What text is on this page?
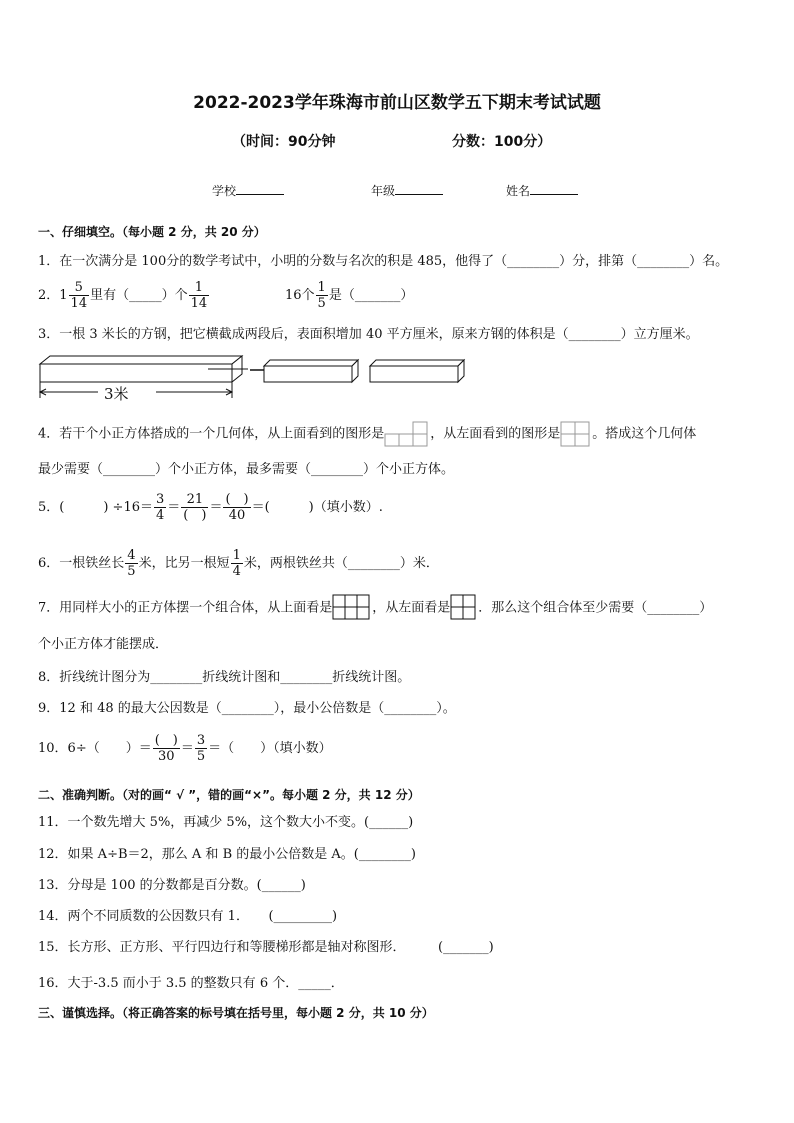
2022-2023学年珠海市前山区数学五下期末考试试题
（时间：90分钟	分数：100分）
学校	年级	姓名
一、仔细填空。（每小题 2 分，共 20 分）
1．在一次满分是 100分的数学考试中，小明的分数与名次的积是 485，他得了（________）分，排第（________）名。
2．$1 \frac{5}{14}$ 里有（_____）个 $\frac{1}{14}$	16个 $\frac{1}{5}$ 是（_______）
3．一根 3 米长的方钢，把它横截成两段后，表面积增加 40 平方厘米，原来方钢的体积是（________）立方厘米。
3米
4．若干个小正方体搭成的一个几何体，从上面看到的图形是	，从左面看到的图形是 。搭成这个几何体
最少需要（________）个小正方体，最多需要（________）个小正方体。
5．(　　　) $\div 16= \frac{3}{4} = \frac{21}{( )} = \frac{( )}{40}$ ＝(　　　)（填小数）.
6．一根铁丝长 $\frac{4}{5}$ 米，比另一根短 $\frac{1}{4}$ 米，两根铁丝共（________）米．
7．用同样大小的正方体摆一个组合体，从上面看是	，从左面看是 ．那么这个组合体至少需要（________）
个小正方体才能摆成．
8．折线统计图分为________折线统计图和________折线统计图。
9．12 和 48 的最大公因数是（________），最小公倍数是（________）。
10．6÷（　　）＝ $\frac{( )}{30} = \frac{3}{5}$ ＝（　　）（填小数）
二、准确判断。（对的画“ √ ”，错的画“×”。每小题 2 分，共 12 分）
11．一个数先增大 5%，再减少 5%，这个数大小不变。(______)
12．如果 A÷B＝2，那么 A 和 B 的最小公倍数是 A。(________)
13．分母是 100 的分数都是百分数。(______)
14．两个不同质数的公因数只有 1．　　(_________)
15．长方形、正方形、平行四边行和等腰梯形都是轴对称图形．　　　(_______)
16．大于-3.5 而小于 3.5 的整数只有 6 个．_____．
三、谨慎选择。（将正确答案的标号填在括号里，每小题 2 分，共 10 分）
